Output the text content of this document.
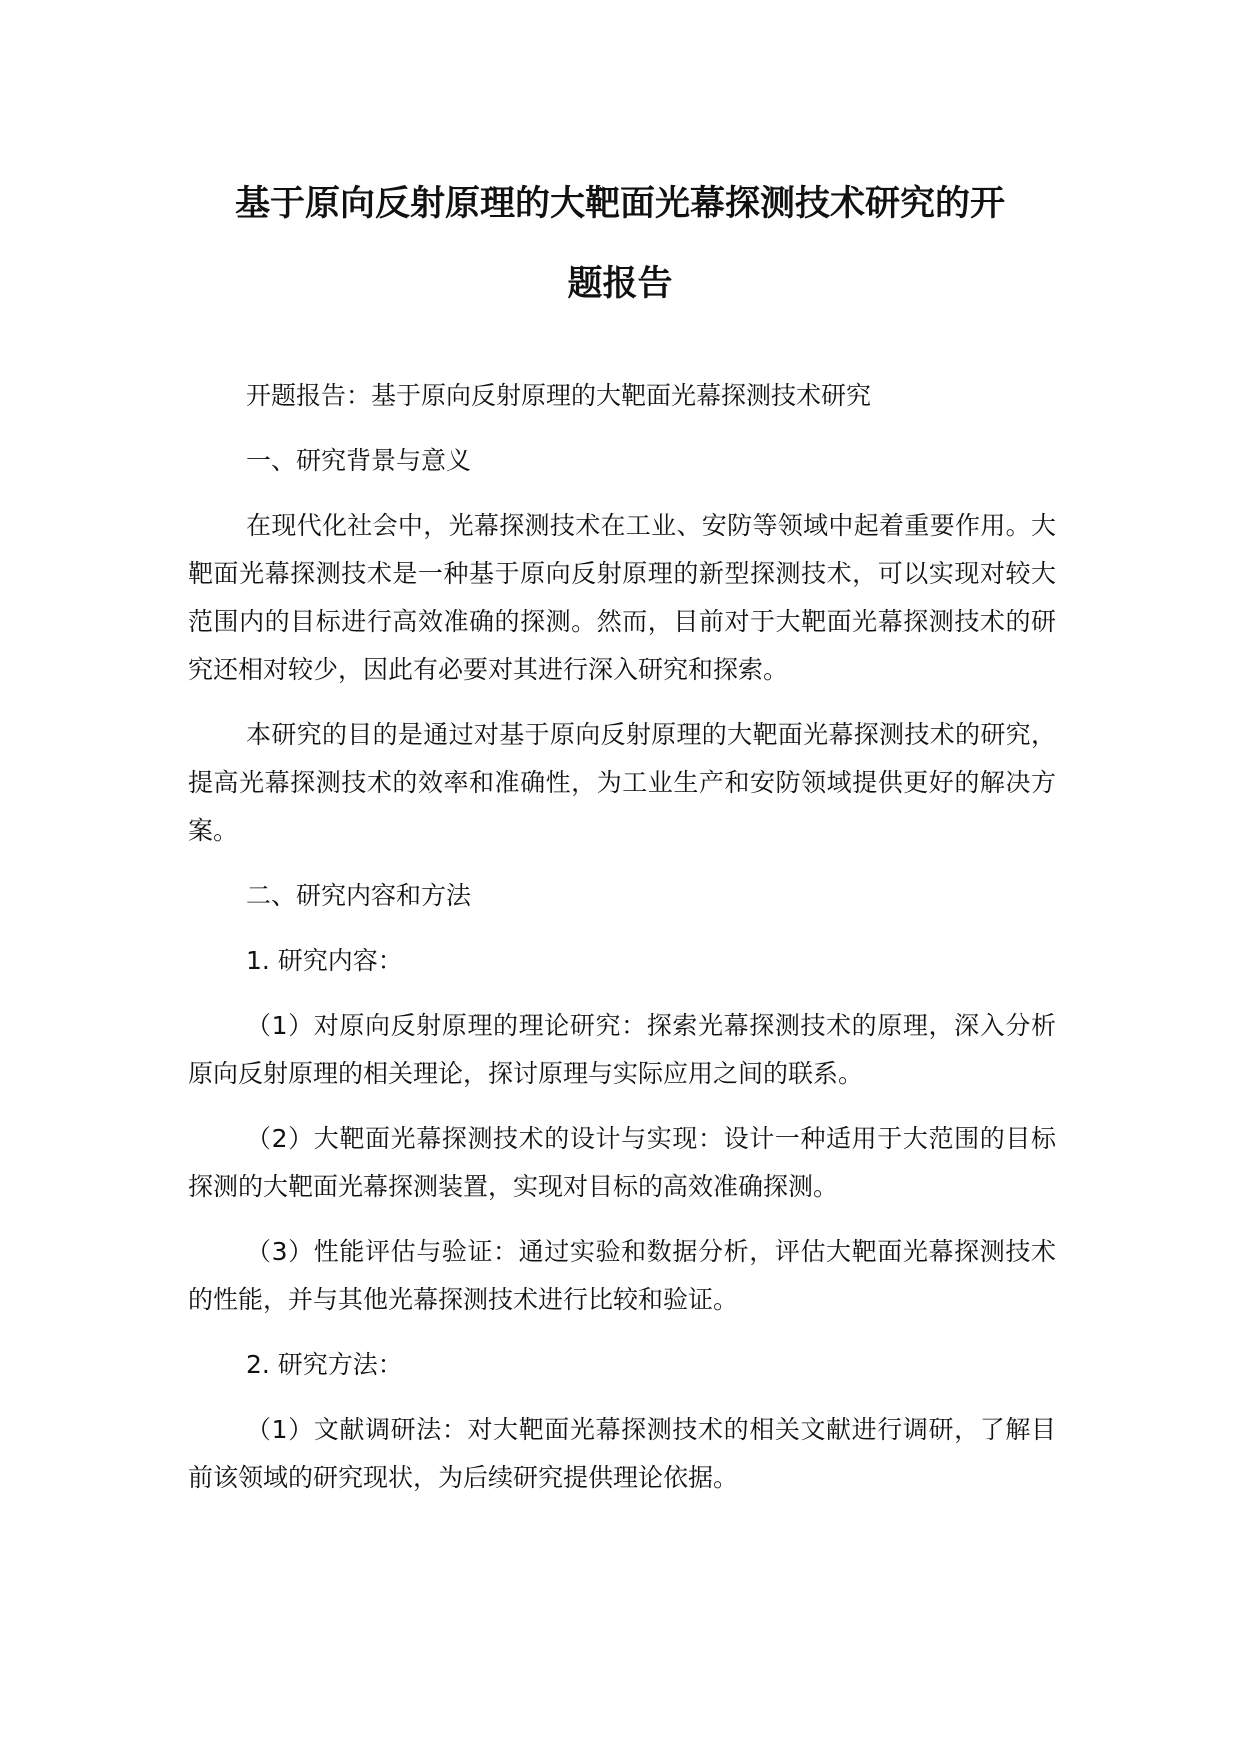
基于原向反射原理的大靶面光幕探测技术研究的开
题报告

开题报告：基于原向反射原理的大靶面光幕探测技术研究

一、研究背景与意义

在现代化社会中，光幕探测技术在工业、安防等领域中起着重要作用。大靶面光幕探测技术是一种基于原向反射原理的新型探测技术，可以实现对较大范围内的目标进行高效准确的探测。然而，目前对于大靶面光幕探测技术的研究还相对较少，因此有必要对其进行深入研究和探索。

本研究的目的是通过对基于原向反射原理的大靶面光幕探测技术的研究，提高光幕探测技术的效率和准确性，为工业生产和安防领域提供更好的解决方案。

二、研究内容和方法

1. 研究内容：

（1）对原向反射原理的理论研究：探索光幕探测技术的原理，深入分析原向反射原理的相关理论，探讨原理与实际应用之间的联系。

（2）大靶面光幕探测技术的设计与实现：设计一种适用于大范围的目标探测的大靶面光幕探测装置，实现对目标的高效准确探测。

（3）性能评估与验证：通过实验和数据分析，评估大靶面光幕探测技术的性能，并与其他光幕探测技术进行比较和验证。

2. 研究方法：

（1）文献调研法：对大靶面光幕探测技术的相关文献进行调研，了解目前该领域的研究现状，为后续研究提供理论依据。
